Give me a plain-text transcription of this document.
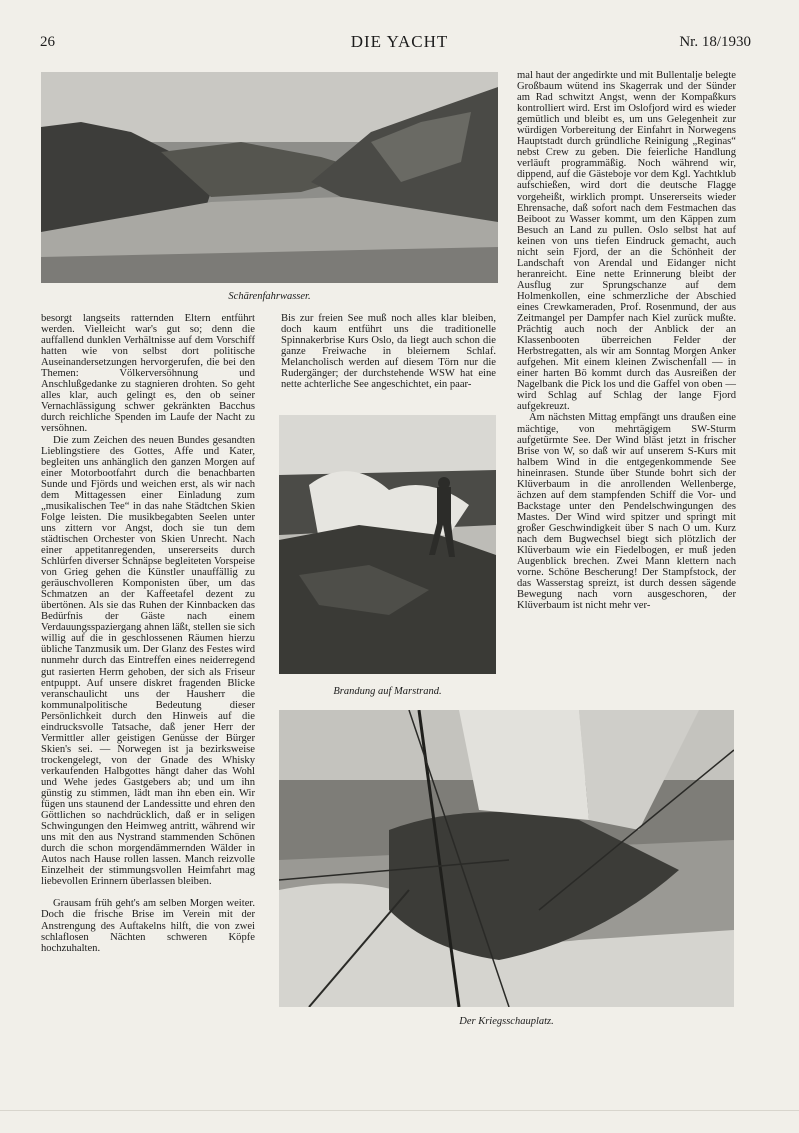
26	DIE YACHT	Nr. 18/1930
Schärenfahrwasser.

besorgt langseits ratternden Eltern entführt werden. Vielleicht war's gut so; denn die auffallend dunklen Verhältnisse auf dem Vorschiff hatten wie von selbst dort politische Auseinandersetzungen hervorgerufen, die bei den Themen: Völkerversöhnung und Anschlußgedanke zu stagnieren drohten. So geht alles klar, auch gelingt es, den ob seiner Vernachlässigung schwer gekränkten Bacchus durch reichliche Spenden im Laufe der Nacht zu versöhnen.

Die zum Zeichen des neuen Bundes gesandten Lieblingstiere des Gottes, Affe und Kater, begleiten uns anhänglich den ganzen Morgen auf einer Motorbootfahrt durch die benachbarten Sunde und Fjörds und weichen erst, als wir nach dem Mittagessen einer Einladung zum „musikalischen Tee“ in das nahe Städtchen Skien Folge leisten. Die musikbegabten Seelen unter uns zittern vor Angst, doch sie tun dem städtischen Orchester von Skien Unrecht. Nach einer appetitanregenden, unsererseits durch Schlürfen diverser Schnäpse begleiteten Vorspeise von Grieg gehen die Künstler unauffällig zu geräuschvolleren Komponisten über, um das Schmatzen an der Kaffeetafel dezent zu übertönen. Als sie das Ruhen der Kinnbacken das Bedürfnis der Gäste nach einem Verdauungsspaziergang ahnen läßt, stellen sie sich willig auf die in geschlossenen Räumen hierzu übliche Tanzmusik um. Der Glanz des Festes wird nunmehr durch das Eintreffen eines neiderregend gut rasierten Herrn gehoben, der sich als Friseur entpuppt. Auf unsere diskret fragenden Blicke veranschaulicht uns der Hausherr die kommunalpolitische Bedeutung dieser Persönlichkeit durch den Hinweis auf die eindrucksvolle Tatsache, daß jener Herr der Vermittler aller geistigen Genüsse der Bürger Skien's sei. — Norwegen ist ja bezirksweise trockengelegt, von der Gnade des Whisky verkaufenden Halbgottes hängt daher das Wohl und Wehe jedes Gastgebers ab; und um ihn günstig zu stimmen, lädt man ihn eben ein. Wir fügen uns staunend der Landessitte und ehren den Göttlichen so nachdrücklich, daß er in seligen Schwingungen den Heimweg antritt, während wir uns mit den aus Nystrand stammenden Schönen durch die schon morgendämmernden Wälder in Autos nach Hause rollen lassen. Manch reizvolle Einzelheit der stimmungsvollen Heimfahrt mag liebevollen Erinnern überlassen bleiben.

Grausam früh geht's am selben Morgen weiter. Doch die frische Brise im Verein mit der Anstrengung des Auftakelns hilft, die von zwei schlaflosen Nächten schweren Köpfe hochzuhalten.

Bis zur freien See muß noch alles klar bleiben, doch kaum entführt uns die traditionelle Spinnakerbrise Kurs Oslo, da liegt auch schon die ganze Freiwache in bleiernem Schlaf. Melancholisch werden auf diesem Törn nur die Rudergänger; der durchstehende WSW hat eine nette achterliche See angeschichtet, ein paar-

Brandung auf Marstrand.

mal haut der angedirkte und mit Bullentalje belegte Großbaum wütend ins Skagerrak und der Sünder am Rad schwitzt Angst, wenn der Kompaßkurs kontrolliert wird. Erst im Oslofjord wird es wieder gemütlich und bleibt es, um uns Gelegenheit zur würdigen Vorbereitung der Einfahrt in Norwegens Hauptstadt durch gründliche Reinigung „Reginas“ nebst Crew zu geben. Die feierliche Handlung verläuft programmäßig. Noch während wir, dippend, auf die Gästeboje vor dem Kgl. Yachtklub aufschießen, wird dort die deutsche Flagge vorgeheißt, wirklich prompt. Unsererseits wieder Ehrensache, daß sofort nach dem Festmachen das Beiboot zu Wasser kommt, um den Käppen zum Besuch an Land zu pullen. Oslo selbst hat auf keinen von uns tiefen Eindruck gemacht, auch nicht sein Fjord, der an die Schönheit der Landschaft von Arendal und Eidanger nicht heranreicht. Eine nette Erinnerung bleibt der Ausflug zur Sprungschanze auf dem Holmenkollen, eine schmerzliche der Abschied eines Crewkameraden, Prof. Rosenmund, der aus Zeitmangel per Dampfer nach Kiel zurück mußte. Prächtig auch noch der Anblick der an Klassenbooten überreichen Felder der Herbstregatten, als wir am Sonntag Morgen Anker aufgehen. Mit einem kleinen Zwischenfall — in einer harten Bö kommt durch das Ausreißen der Nagelbank die Pick los und die Gaffel von oben — wird Schlag auf Schlag der lange Fjord aufgekreuzt.

Am nächsten Mittag empfängt uns draußen eine mächtige, von mehrtägigem SW-Sturm aufgetürmte See. Der Wind bläst jetzt in frischer Brise von W, so daß wir auf unserem S-Kurs mit halbem Wind in die entgegenkommende See hineinrasen. Stunde über Stunde bohrt sich der Klüverbaum in die anrollenden Wellenberge, ächzen auf dem stampfenden Schiff die Vor- und Backstage unter den Pendelschwingungen des Mastes. Der Wind wird spitzer und springt mit großer Geschwindigkeit über S nach O um. Kurz nach dem Bugwechsel biegt sich plötzlich der Klüverbaum wie ein Fiedelbogen, er muß jeden Augenblick brechen. Zwei Mann klettern nach vorne. Schöne Bescherung! Der Stampfstock, der das Wasserstag spreizt, ist durch dessen sägende Bewegung nach vorn ausgeschoren, der Klüverbaum ist nicht mehr ver-

Der Kriegsschauplatz.
